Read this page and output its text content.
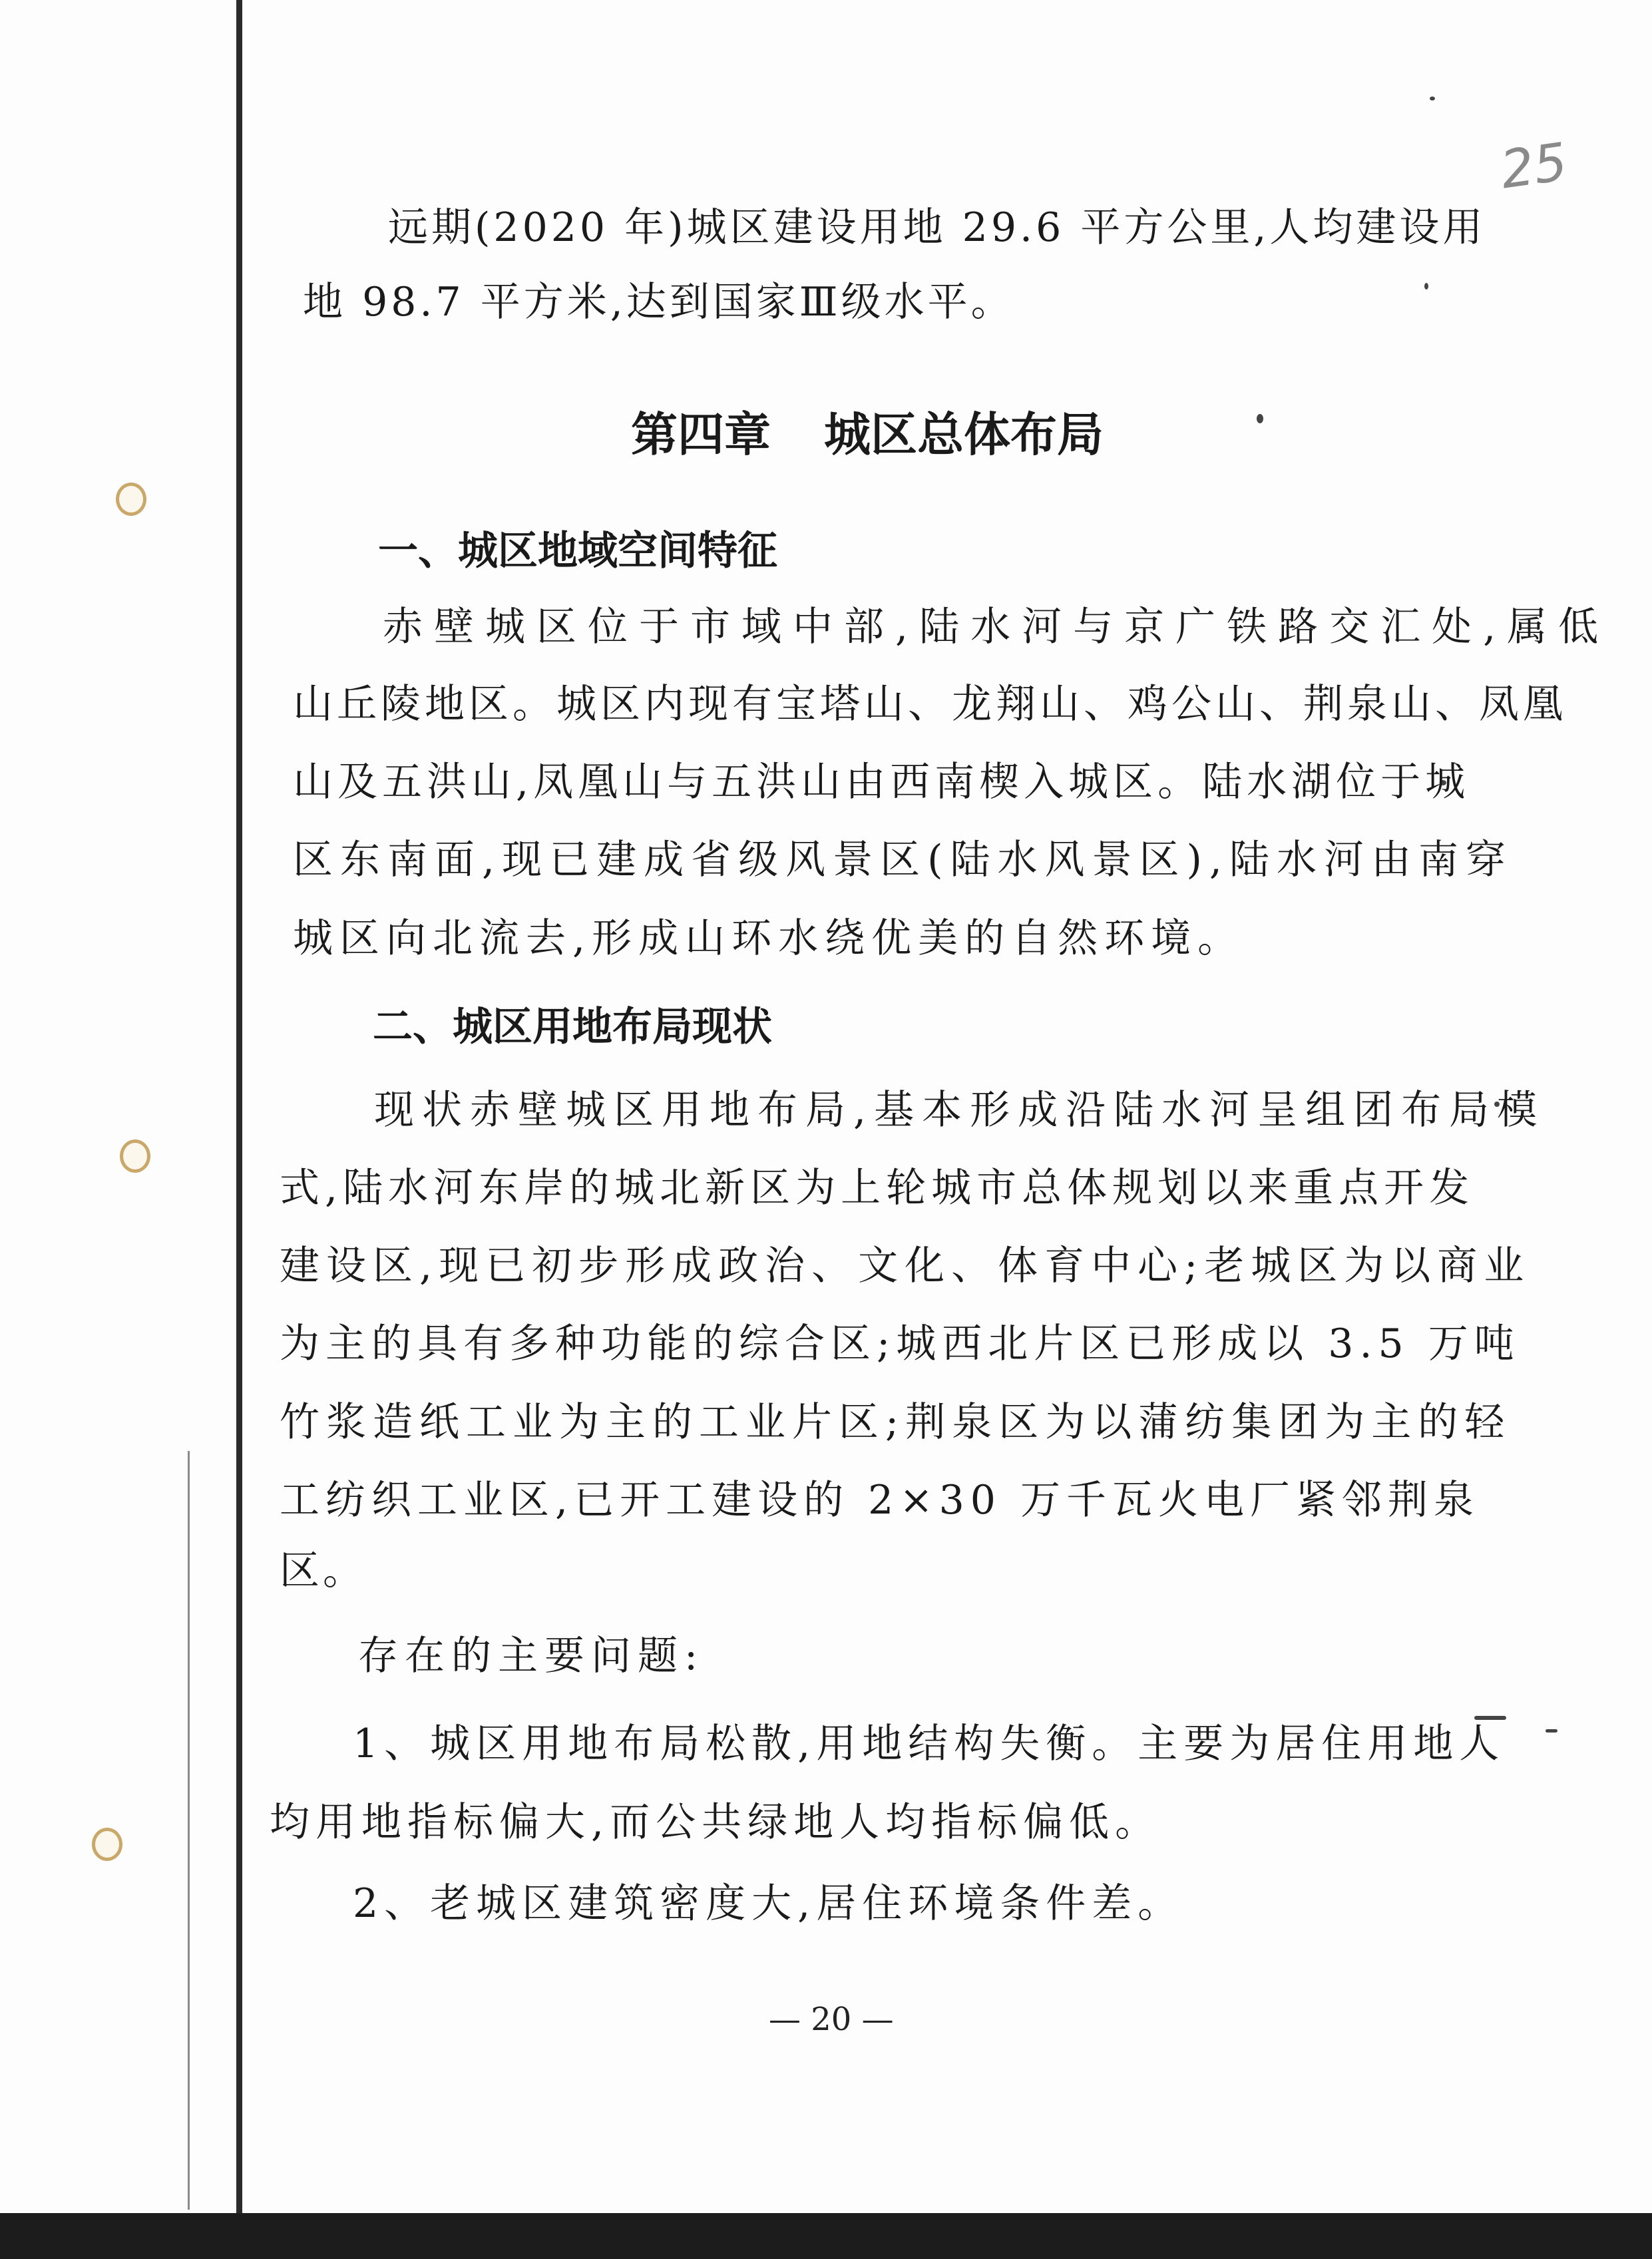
25
远期(2020 年)城区建设用地 29.6 平方公里,人均建设用
地 98.7 平方米,达到国家Ⅲ级水平。
第四章 城区总体布局
一、城区地域空间特征
赤壁城区位于市域中部,陆水河与京广铁路交汇处,属低
山丘陵地区。城区内现有宝塔山、龙翔山、鸡公山、荆泉山、凤凰
山及五洪山,凤凰山与五洪山由西南楔入城区。陆水湖位于城
区东南面,现已建成省级风景区(陆水风景区),陆水河由南穿
城区向北流去,形成山环水绕优美的自然环境。
二、城区用地布局现状
现状赤壁城区用地布局,基本形成沿陆水河呈组团布局模
式,陆水河东岸的城北新区为上轮城市总体规划以来重点开发
建设区,现已初步形成政治、文化、体育中心;老城区为以商业
为主的具有多种功能的综合区;城西北片区已形成以 3.5 万吨
竹浆造纸工业为主的工业片区;荆泉区为以蒲纺集团为主的轻
工纺织工业区,已开工建设的 2×30 万千瓦火电厂紧邻荆泉
区。
存在的主要问题:
1、城区用地布局松散,用地结构失衡。主要为居住用地人
均用地指标偏大,而公共绿地人均指标偏低。
2、老城区建筑密度大,居住环境条件差。
— 20 —
